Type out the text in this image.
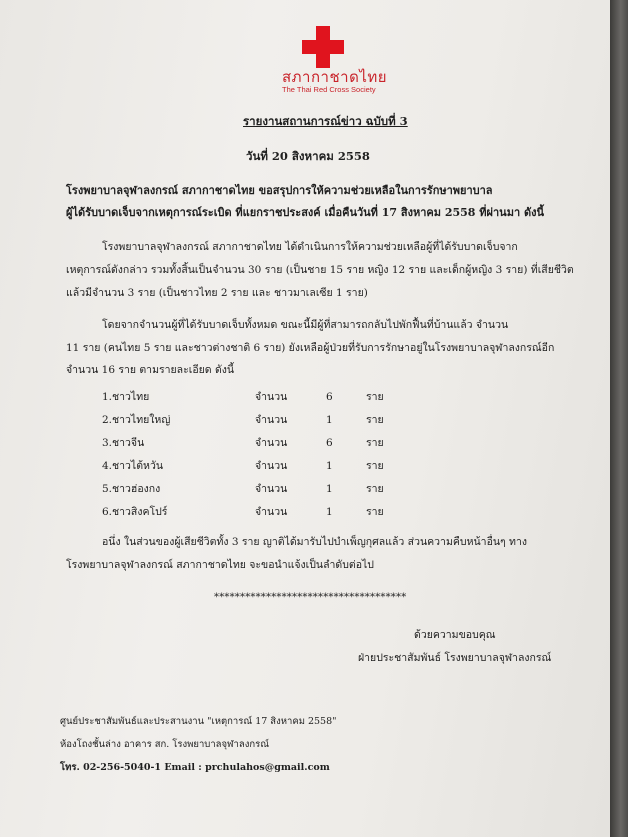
สภากาชาดไทย
The Thai Red Cross Society
รายงานสถานการณ์ข่าว ฉบับที่ 3
วันที่ 20 สิงหาคม 2558
โรงพยาบาลจุฬาลงกรณ์ สภากาชาดไทย ขอสรุปการให้ความช่วยเหลือในการรักษาพยาบาล
ผู้ได้รับบาดเจ็บจากเหตุการณ์ระเบิด ที่แยกราชประสงค์ เมื่อคืนวันที่ 17 สิงหาคม 2558 ที่ผ่านมา ดังนี้
โรงพยาบาลจุฬาลงกรณ์ สภากาชาดไทย ได้ดำเนินการให้ความช่วยเหลือผู้ที่ได้รับบาดเจ็บจาก
เหตุการณ์ดังกล่าว รวมทั้งสิ้นเป็นจำนวน 30 ราย (เป็นชาย 15 ราย หญิง 12 ราย และเด็กผู้หญิง 3 ราย) ที่เสียชีวิต
แล้วมีจำนวน 3 ราย (เป็นชาวไทย 2 ราย และ ชาวมาเลเซีย 1 ราย)
โดยจากจำนวนผู้ที่ได้รับบาดเจ็บทั้งหมด ขณะนี้มีผู้ที่สามารถกลับไปพักฟื้นที่บ้านแล้ว จำนวน
11 ราย (คนไทย 5 ราย และชาวต่างชาติ 6 ราย) ยังเหลือผู้ป่วยที่รับการรักษาอยู่ในโรงพยาบาลจุฬาลงกรณ์อีก
จำนวน 16 ราย ตามรายละเอียด ดังนี้
1.ชาวไทย	จำนวน	6	ราย
2.ชาวไทยใหญ่	จำนวน	1	ราย
3.ชาวจีน	จำนวน	6	ราย
4.ชาวไต้หวัน	จำนวน	1	ราย
5.ชาวฮ่องกง	จำนวน	1	ราย
6.ชาวสิงคโปร์	จำนวน	1	ราย
อนึ่ง ในส่วนของผู้เสียชีวิตทั้ง 3 ราย ญาติได้มารับไปบำเพ็ญกุศลแล้ว ส่วนความคืบหน้าอื่นๆ ทาง
โรงพยาบาลจุฬาลงกรณ์ สภากาชาดไทย จะขอนำแจ้งเป็นลำดับต่อไป
*************************************
ด้วยความขอบคุณ
ฝ่ายประชาสัมพันธ์ โรงพยาบาลจุฬาลงกรณ์
ศูนย์ประชาสัมพันธ์และประสานงาน "เหตุการณ์ 17 สิงหาคม 2558"
ห้องโถงชั้นล่าง อาคาร สก. โรงพยาบาลจุฬาลงกรณ์
โทร. 02-256-5040-1 Email : prchulahos@gmail.com
